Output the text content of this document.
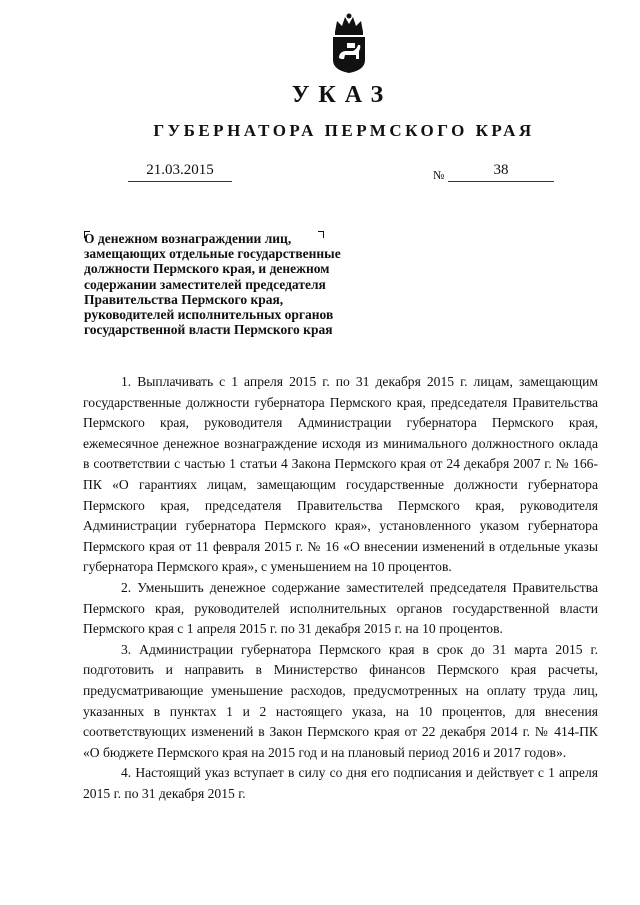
УКАЗ
ГУБЕРНАТОРА ПЕРМСКОГО КРАЯ
21.03.2015	№	38
О денежном вознаграждении лиц,
замещающих отдельные государственные
должности Пермского края, и денежном
содержании заместителей председателя
Правительства Пермского края,
руководителей исполнительных органов
государственной власти Пермского края

1. Выплачивать с 1 апреля 2015 г. по 31 декабря 2015 г. лицам, замещающим государственные должности губернатора Пермского края, председателя Правительства Пермского края, руководителя Администрации губернатора Пермского края, ежемесячное денежное вознаграждение исходя из минимального должностного оклада в соответствии с частью 1 статьи 4 Закона Пермского края от 24 декабря 2007 г. № 166-ПК «О гарантиях лицам, замещающим государственные должности губернатора Пермского края, председателя Правительства Пермского края, руководителя Администрации губернатора Пермского края», установленного указом губернатора Пермского края от 11 февраля 2015 г. № 16 «О внесении изменений в отдельные указы губернатора Пермского края», с уменьшением на 10 процентов.

2. Уменьшить денежное содержание заместителей председателя Правительства Пермского края, руководителей исполнительных органов государственной власти Пермского края с 1 апреля 2015 г. по 31 декабря 2015 г. на 10 процентов.

3. Администрации губернатора Пермского края в срок до 31 марта 2015 г. подготовить и направить в Министерство финансов Пермского края расчеты, предусматривающие уменьшение расходов, предусмотренных на оплату труда лиц, указанных в пунктах 1 и 2 настоящего указа, на 10 процентов, для внесения соответствующих изменений в Закон Пермского края от 22 декабря 2014 г. № 414-ПК «О бюджете Пермского края на 2015 год и на плановый период 2016 и 2017 годов».

4. Настоящий указ вступает в силу со дня его подписания и действует с 1 апреля 2015 г. по 31 декабря 2015 г.
